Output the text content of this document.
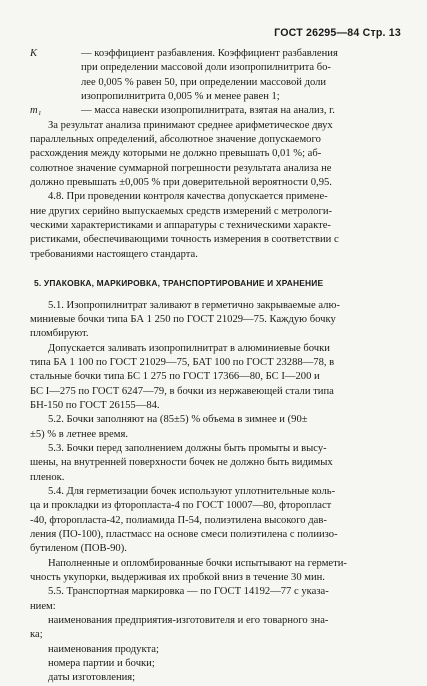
ГОСТ 26295—84 Стр. 13
К	— коэффициент разбавления. Коэффициент разбавления
при определении массовой доли изопропилнитрита бо-
лее 0,005 % равен 50, при определении массовой доли
изопропилнитрита 0,005 % и менее равен 1;
m₁	— масса навески изопропилнитрата, взятая на анализ, г.
За результат анализа принимают среднее арифметическое двух
параллельных определений, абсолютное значение допускаемого
расхождения между которыми не должно превышать 0,01 %; аб-
солютное значение суммарной погрешности результата анализа не
должно превышать ±0,005 % при доверительной вероятности 0,95.
4.8. При проведении контроля качества допускается примене-
ние других серийно выпускаемых средств измерений с метрологи-
ческими характеристиками и аппаратуры с техническими характе-
ристиками, обеспечивающими точность измерения в соответствии с
требованиями настоящего стандарта.
5. УПАКОВКА, МАРКИРОВКА, ТРАНСПОРТИРОВАНИЕ И ХРАНЕНИЕ
5.1. Изопропилнитрат заливают в герметично закрываемые алю-
миниевые бочки типа БА 1 250 по ГОСТ 21029—75. Каждую бочку
пломбируют.
Допускается заливать изопропилнитрат в алюминиевые бочки
типа БА 1 100 по ГОСТ 21029—75, БАТ 100 по ГОСТ 23288—78, в
стальные бочки типа БС 1 275 по ГОСТ 17366—80, БС I—200 и
БС I—275 по ГОСТ 6247—79, в бочки из нержавеющей стали типа
БН-150 по ГОСТ 26155—84.
5.2. Бочки заполняют на (85±5) % объема в зимнее и (90±
±5) % в летнее время.
5.3. Бочки перед заполнением должны быть промыты и высу-
шены, на внутренней поверхности бочек не должно быть видимых
пленок.
5.4. Для герметизации бочек используют уплотнительные коль-
ца и прокладки из фторопласта-4 по ГОСТ 10007—80, фторопласт
-40, фторопласта-42, полиамида П-54, полиэтилена высокого дав-
ления (ПО-100), пластмасс на основе смеси полиэтилена с полиизо-
бутиленом (ПОВ-90).
Наполненные и опломбированные бочки испытывают на гермети-
чность укупорки, выдерживая их пробкой вниз в течение 30 мин.
5.5. Транспортная маркировка — по ГОСТ 14192—77 с указа-
нием:
наименования предприятия-изготовителя и его товарного зна-
ка;
наименования продукта;
номера партии и бочки;
даты изготовления;
